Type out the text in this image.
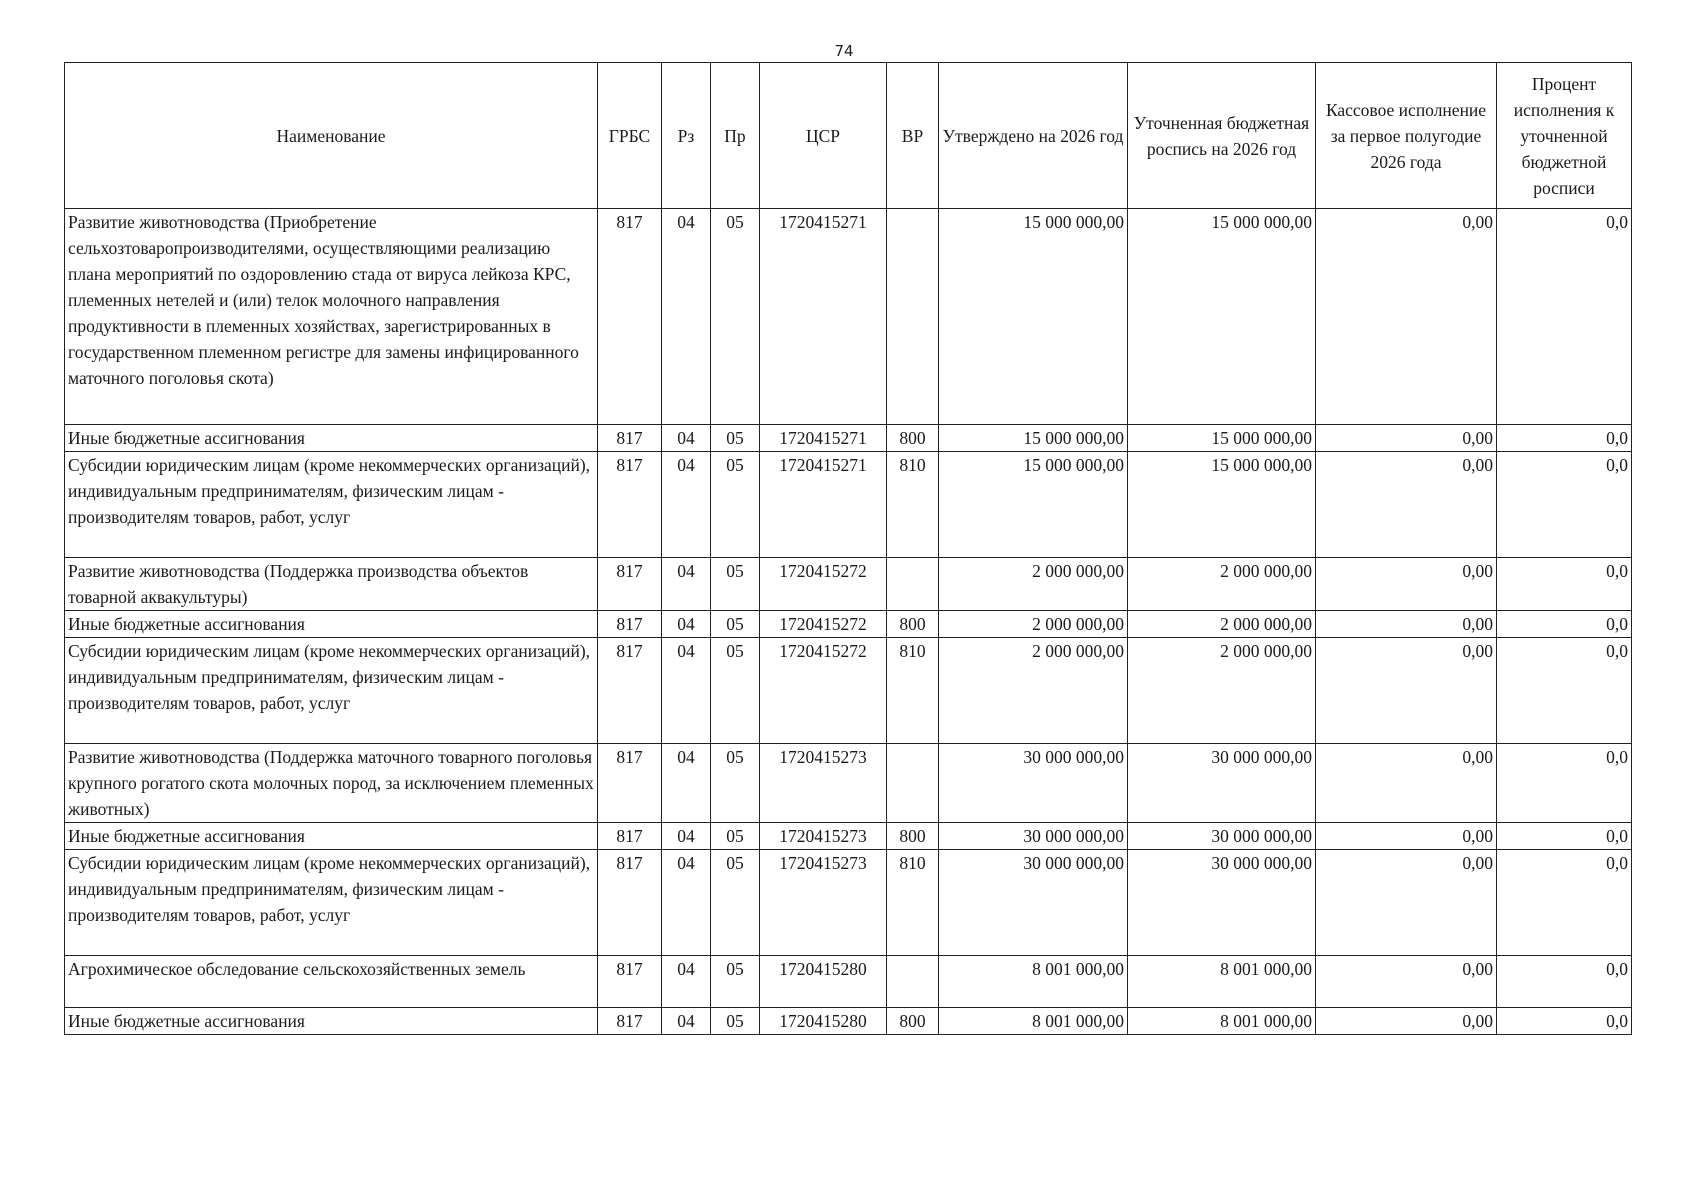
74
Наименование	ГРБС	Рз	Пр	ЦСР	ВР	Утверждено на 2026 год	Уточненная бюджетная роспись на 2026 год	Кассовое исполнение за первое полугодие 2026 года	Процент исполнения к уточненной бюджетной росписи
Развитие животноводства (Приобретение сельхозтоваропроизводителями, осуществляющими реализацию плана мероприятий по оздоровлению стада от вируса лейкоза КРС, племенных нетелей и (или) телок молочного направления продуктивности в племенных хозяйствах, зарегистрированных в государственном племенном регистре для замены инфицированного маточного поголовья скота)	817	04	05	1720415271		15 000 000,00	15 000 000,00	0,00	0,0
Иные бюджетные ассигнования	817	04	05	1720415271	800	15 000 000,00	15 000 000,00	0,00	0,0
Субсидии юридическим лицам (кроме некоммерческих организаций), индивидуальным предпринимателям, физическим лицам - производителям товаров, работ, услуг	817	04	05	1720415271	810	15 000 000,00	15 000 000,00	0,00	0,0
Развитие животноводства (Поддержка производства объектов товарной аквакультуры)	817	04	05	1720415272		2 000 000,00	2 000 000,00	0,00	0,0
Иные бюджетные ассигнования	817	04	05	1720415272	800	2 000 000,00	2 000 000,00	0,00	0,0
Субсидии юридическим лицам (кроме некоммерческих организаций), индивидуальным предпринимателям, физическим лицам - производителям товаров, работ, услуг	817	04	05	1720415272	810	2 000 000,00	2 000 000,00	0,00	0,0
Развитие животноводства (Поддержка маточного товарного поголовья крупного рогатого скота молочных пород, за исключением племенных животных)	817	04	05	1720415273		30 000 000,00	30 000 000,00	0,00	0,0
Иные бюджетные ассигнования	817	04	05	1720415273	800	30 000 000,00	30 000 000,00	0,00	0,0
Субсидии юридическим лицам (кроме некоммерческих организаций), индивидуальным предпринимателям, физическим лицам - производителям товаров, работ, услуг	817	04	05	1720415273	810	30 000 000,00	30 000 000,00	0,00	0,0
Агрохимическое обследование сельскохозяйственных земель	817	04	05	1720415280		8 001 000,00	8 001 000,00	0,00	0,0
Иные бюджетные ассигнования	817	04	05	1720415280	800	8 001 000,00	8 001 000,00	0,00	0,0
